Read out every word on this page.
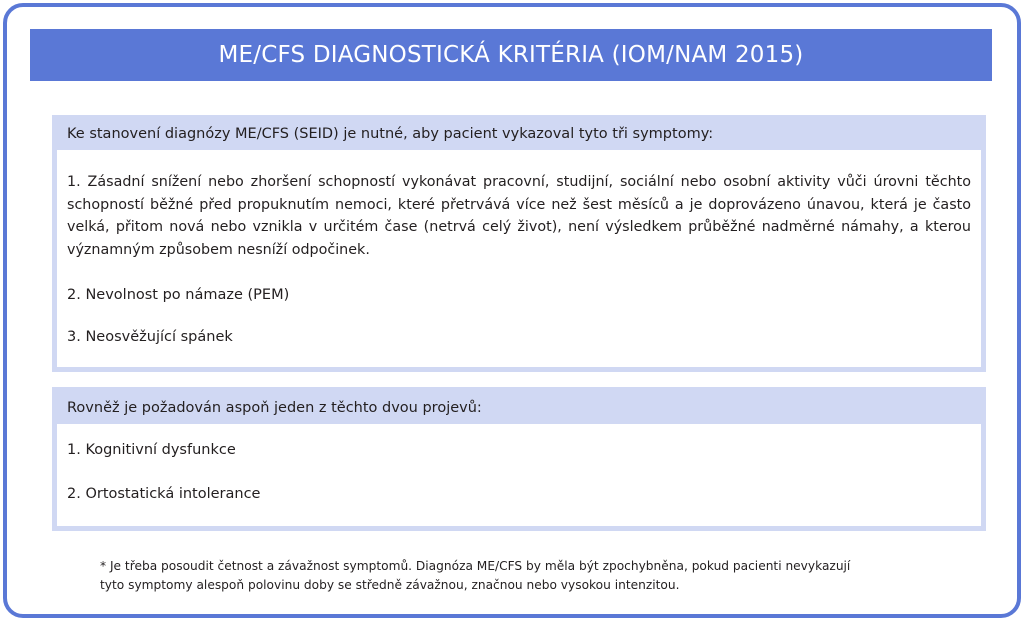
ME/CFS DIAGNOSTICKÁ KRITÉRIA (IOM/NAM 2015)
Ke stanovení diagnózy ME/CFS (SEID) je nutné, aby pacient vykazoval tyto tři symptomy:
1. Zásadní snížení nebo zhoršení schopností vykonávat pracovní, studijní, sociální nebo osobní aktivity vůči úrovni těchto schopností běžné před propuknutím nemoci, které přetrvává více než šest měsíců a je doprovázeno únavou, která je často velká, přitom nová nebo vznikla v určitém čase (netrvá celý život), není výsledkem průběžné nadměrné námahy, a kterou významným způsobem nesníží odpočinek.
2. Nevolnost po námaze (PEM)
3. Neosvěžující spánek
Rovněž je požadován aspoň jeden z těchto dvou projevů:
1. Kognitivní dysfunkce
2. Ortostatická intolerance
* Je třeba posoudit četnost a závažnost symptomů. Diagnóza ME/CFS by měla být zpochybněna, pokud pacienti nevykazují
tyto symptomy alespoň polovinu doby se středně závažnou, značnou nebo vysokou intenzitou.
